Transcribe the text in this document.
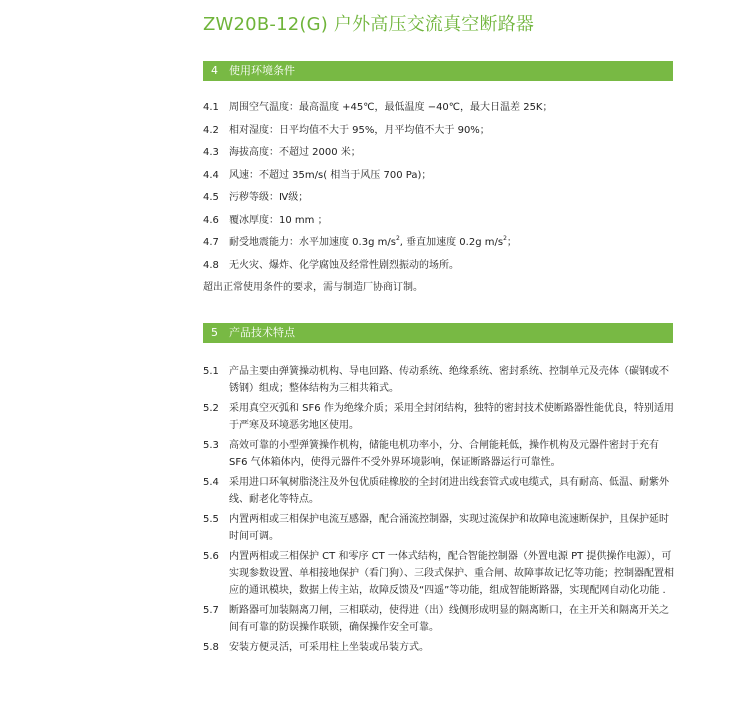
ZW20B-12(G) 户外高压交流真空断路器
4 使用环境条件
4.1	周围空气温度：最高温度 +45℃，最低温度 −40℃，最大日温差 25K；
4.2	相对湿度：日平均值不大于 95%，月平均值不大于 90%；
4.3	海拔高度：不超过 2000 米；
4.4	风速：不超过 35m/s( 相当于风压 700 Pa)；
4.5	污秽等级：Ⅳ级；
4.6	覆冰厚度：10 mm ；
4.7	耐受地震能力：水平加速度 0.3g $m/s^2$, 垂直加速度 0.2g $m/s^2$；
4.8	无火灾、爆炸、化学腐蚀及经常性剧烈振动的场所。
超出正常使用条件的要求，需与制造厂协商订制。
5 产品技术特点
5.1	产品主要由弹簧操动机构、导电回路、传动系统、绝缘系统、密封系统、控制单元及壳体（碳钢或不锈钢）组成；整体结构为三相共箱式。
5.2	采用真空灭弧和 SF6 作为绝缘介质；采用全封闭结构，独特的密封技术使断路器性能优良，特别适用于严寒及环境恶劣地区使用。
5.3	高效可靠的小型弹簧操作机构，储能电机功率小，分、合闸能耗低，操作机构及元器件密封于充有 SF6 气体箱体内，使得元器件不受外界环境影响，保证断路器运行可靠性。
5.4	采用进口环氧树脂浇注及外包优质硅橡胶的全封闭进出线套管式或电缆式，具有耐高、低温、耐紫外线、耐老化等特点。
5.5	内置两相或三相保护电流互感器，配合涌流控制器，实现过流保护和故障电流速断保护，且保护延时时间可调。
5.6	内置两相或三相保护 CT 和零序 CT 一体式结构，配合智能控制器（外置电源 PT 提供操作电源），可实现参数设置、单相接地保护（看门狗）、三段式保护、重合闸、故障事故记忆等功能；控制器配置相应的通讯模块，数据上传主站，故障反馈及“四遥”等功能，组成智能断路器，实现配网自动化功能 .
5.7	断路器可加装隔离刀闸，三相联动，使得进（出）线侧形成明显的隔离断口，在主开关和隔离开关之间有可靠的防误操作联锁，确保操作安全可靠。
5.8	安装方便灵活，可采用柱上坐装或吊装方式。
